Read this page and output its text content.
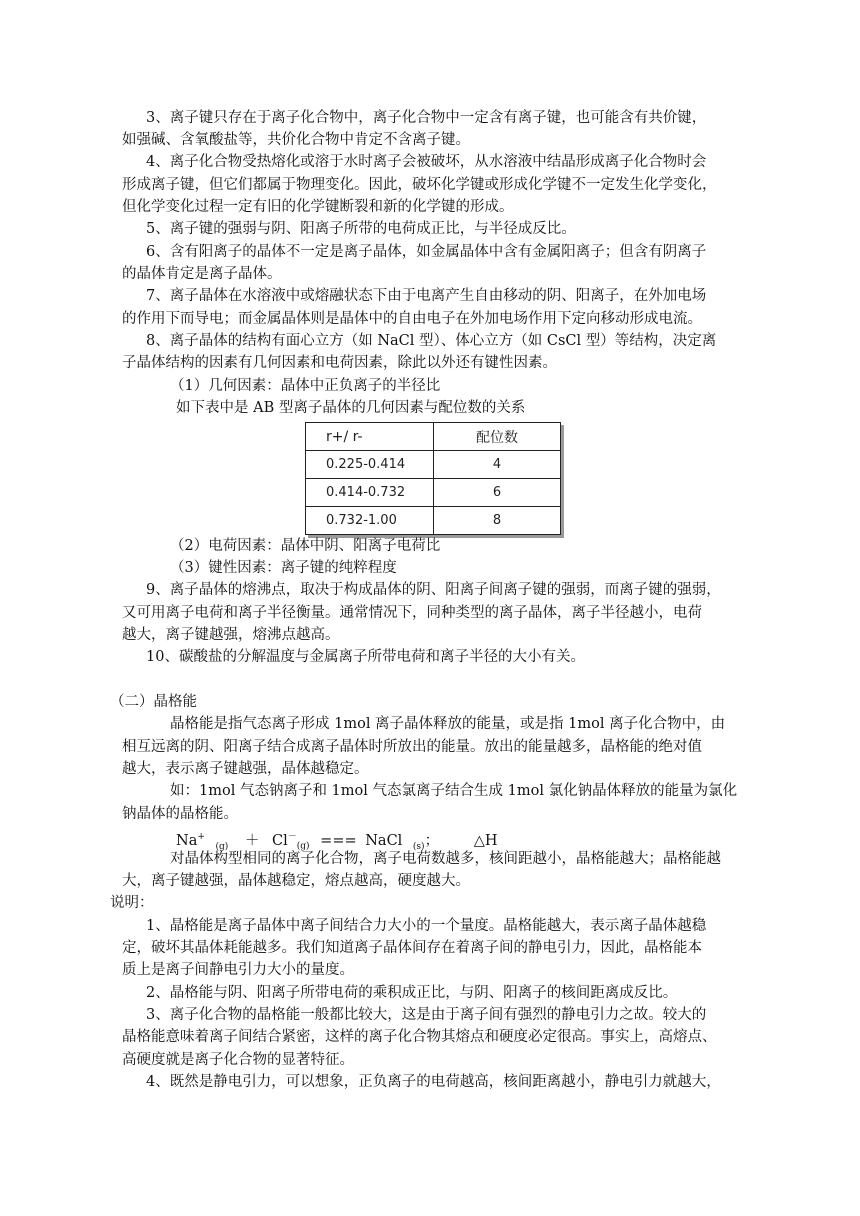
3、离子键只存在于离子化合物中，离子化合物中一定含有离子键，也可能含有共价键，
如强碱、含氧酸盐等，共价化合物中肯定不含离子键。
4、离子化合物受热熔化或溶于水时离子会被破坏，从水溶液中结晶形成离子化合物时会
形成离子键，但它们都属于物理变化。因此，破坏化学键或形成化学键不一定发生化学变化，
但化学变化过程一定有旧的化学键断裂和新的化学键的形成。
5、离子键的强弱与阴、阳离子所带的电荷成正比，与半径成反比。
6、含有阳离子的晶体不一定是离子晶体，如金属晶体中含有金属阳离子；但含有阴离子
的晶体肯定是离子晶体。
7、离子晶体在水溶液中或熔融状态下由于电离产生自由移动的阴、阳离子，在外加电场
的作用下而导电；而金属晶体则是晶体中的自由电子在外加电场作用下定向移动形成电流。
8、离子晶体的结构有面心立方（如 NaCl 型）、体心立方（如 CsCl 型）等结构，决定离
子晶体结构的因素有几何因素和电荷因素，除此以外还有键性因素。
（1）几何因素：晶体中正负离子的半径比
如下表中是 AB 型离子晶体的几何因素与配位数的关系
r+/ r-	配位数
0.225-0.414	4
0.414-0.732	6
0.732-1.00	8
（2）电荷因素：晶体中阴、阳离子电荷比
（3）键性因素：离子键的纯粹程度
9、离子晶体的熔沸点，取决于构成晶体的阴、阳离子间离子键的强弱，而离子键的强弱，
又可用离子电荷和离子半径衡量。通常情况下，同种类型的离子晶体，离子半径越小，电荷
越大，离子键越强，熔沸点越高。
10、碳酸盐的分解温度与金属离子所带电荷和离子半径的大小有关。
（二）晶格能
晶格能是指气态离子形成 1mol 离子晶体释放的能量，或是指 1mol 离子化合物中，由
相互远离的阴、阳离子结合成离子晶体时所放出的能量。放出的能量越多，晶格能的绝对值
越大，表示离子键越强，晶体越稳定。
如：1mol 气态钠离子和 1mol 气态氯离子结合生成 1mol 氯化钠晶体释放的能量为氯化
钠晶体的晶格能。
Na+ $_{(g)} + Cl^-_{(g)}$ === NaCl $_{(s)}$； △H
对晶体构型相同的离子化合物，离子电荷数越多，核间距越小，晶格能越大；晶格能越
大，离子键越强，晶体越稳定，熔点越高，硬度越大。
说明：
1、晶格能是离子晶体中离子间结合力大小的一个量度。晶格能越大，表示离子晶体越稳
定，破坏其晶体耗能越多。我们知道离子晶体间存在着离子间的静电引力，因此，晶格能本
质上是离子间静电引力大小的量度。
2、晶格能与阴、阳离子所带电荷的乘积成正比，与阴、阳离子的核间距离成反比。
3、离子化合物的晶格能一般都比较大，这是由于离子间有强烈的静电引力之故。较大的
晶格能意味着离子间结合紧密，这样的离子化合物其熔点和硬度必定很高。事实上，高熔点、
高硬度就是离子化合物的显著特征。
4、既然是静电引力，可以想象，正负离子的电荷越高，核间距离越小，静电引力就越大，
